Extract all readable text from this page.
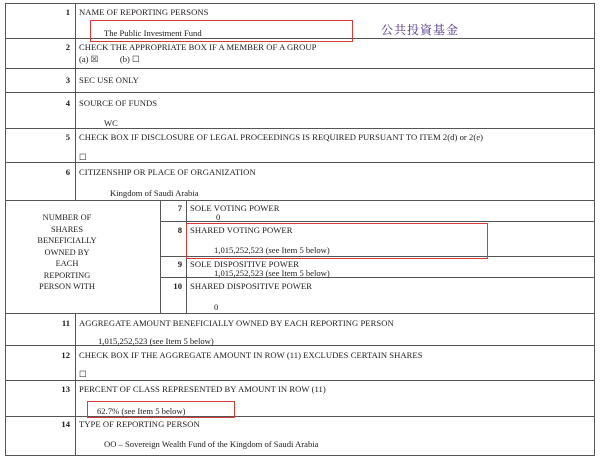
1 NAME OF REPORTING PERSONS
The Public Investment Fund	公共投資基金
2 CHECK THE APPROPRIATE BOX IF A MEMBER OF A GROUP
(a) ☒          (b) ☐
3 SEC USE ONLY
4 SOURCE OF FUNDS
WC
5 CHECK BOX IF DISCLOSURE OF LEGAL PROCEEDINGS IS REQUIRED PURSUANT TO ITEM 2(d) or 2(e)
☐
6 CITIZENSHIP OR PLACE OF ORGANIZATION
Kingdom of Saudi Arabia
NUMBER OF SHARES BENEFICIALLY OWNED BY EACH REPORTING PERSON WITH
7 SOLE VOTING POWER
0
8 SHARED VOTING POWER
1,015,252,523 (see Item 5 below)
9 SOLE DISPOSITIVE POWER
1,015,252,523 (see Item 5 below)
10 SHARED DISPOSITIVE POWER
0
11 AGGREGATE AMOUNT BENEFICIALLY OWNED BY EACH REPORTING PERSON
1,015,252,523 (see Item 5 below)
12 CHECK BOX IF THE AGGREGATE AMOUNT IN ROW (11) EXCLUDES CERTAIN SHARES
☐
13 PERCENT OF CLASS REPRESENTED BY AMOUNT IN ROW (11)
62.7% (see Item 5 below)
14 TYPE OF REPORTING PERSON
OO – Sovereign Wealth Fund of the Kingdom of Saudi Arabia
